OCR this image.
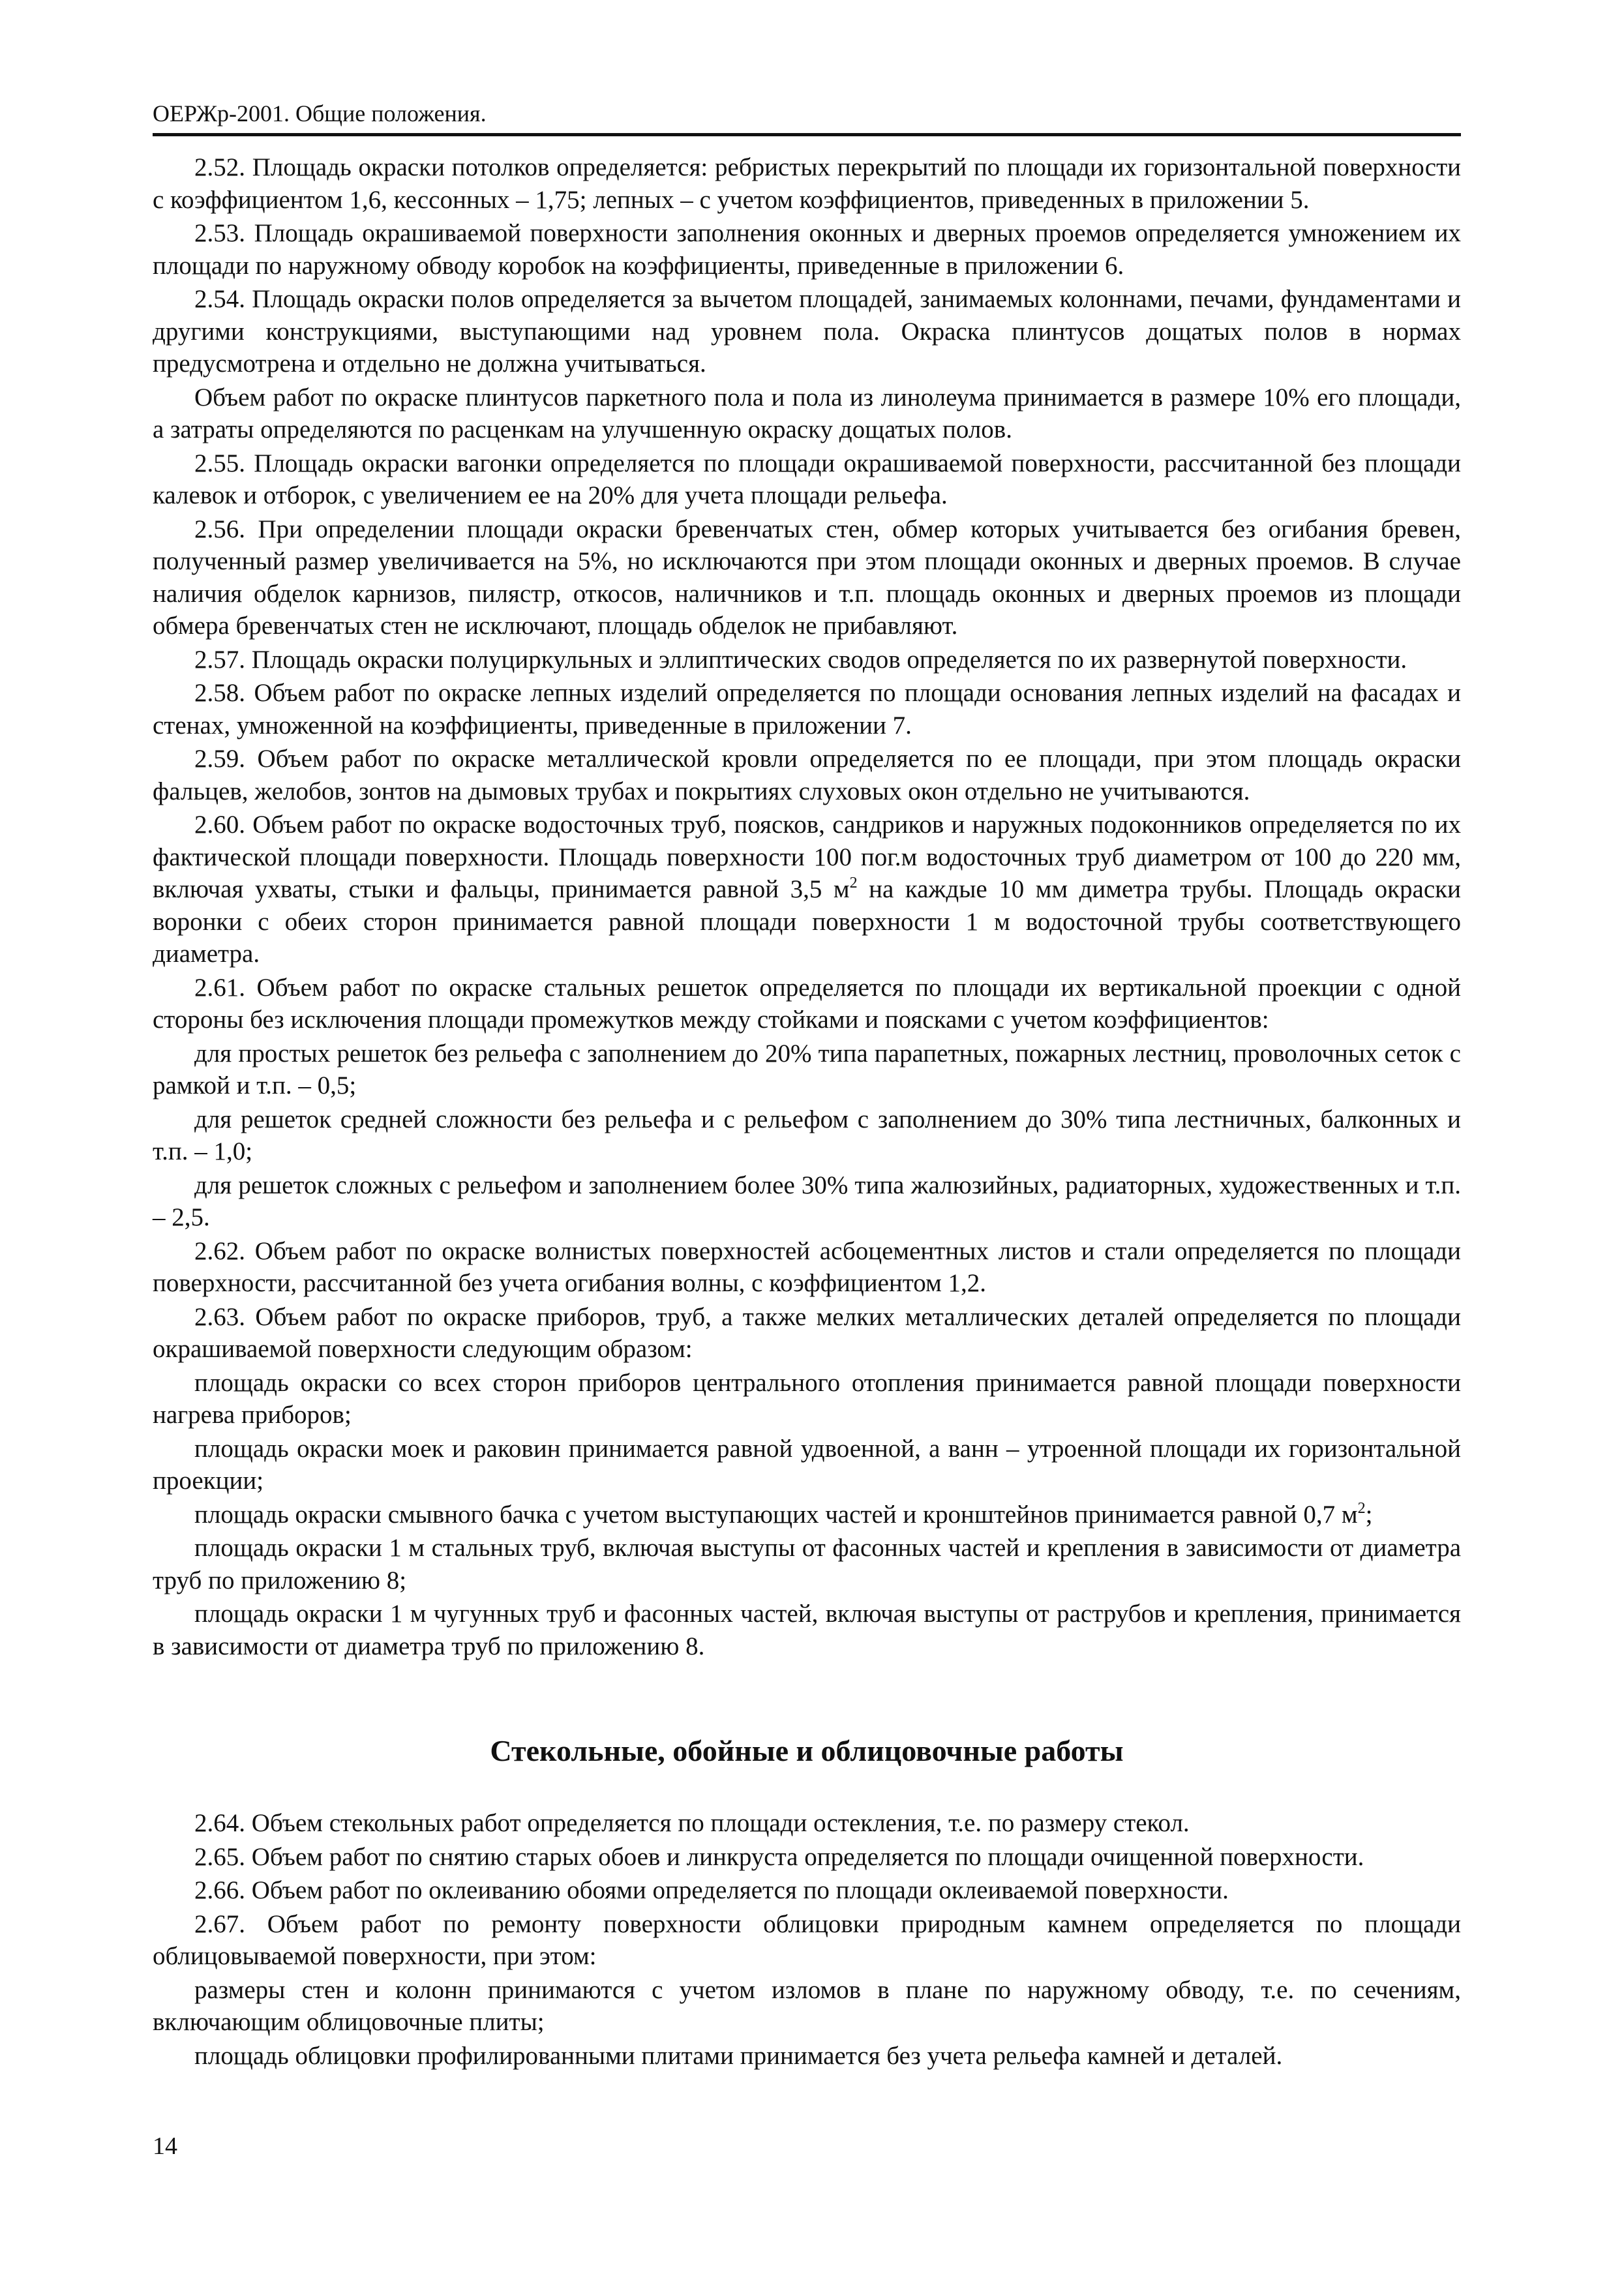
ОЕРЖр-2001. Общие положения.

2.52. Площадь окраски потолков определяется: ребристых перекрытий по площади их горизонтальной поверхности с коэффициентом 1,6, кессонных – 1,75; лепных – с учетом коэффициентов, приведенных в приложении 5.

2.53. Площадь окрашиваемой поверхности заполнения оконных и дверных проемов определяется умножением их площади по наружному обводу коробок на коэффициенты, приведенные в приложении 6.

2.54. Площадь окраски полов определяется за вычетом площадей, занимаемых колоннами, печами, фундаментами и другими конструкциями, выступающими над уровнем пола. Окраска плинтусов дощатых полов в нормах предусмотрена и отдельно не должна учитываться.

Объем работ по окраске плинтусов паркетного пола и пола из линолеума принимается в размере 10% его площади, а затраты определяются по расценкам на улучшенную окраску дощатых полов.

2.55. Площадь окраски вагонки определяется по площади окрашиваемой поверхности, рассчитанной без площади калевок и отборок, с увеличением ее на 20% для учета площади рельефа.

2.56. При определении площади окраски бревенчатых стен, обмер которых учитывается без огибания бревен, полученный размер увеличивается на 5%, но исключаются при этом площади оконных и дверных проемов. В случае наличия обделок карнизов, пилястр, откосов, наличников и т.п. площадь оконных и дверных проемов из площади обмера бревенчатых стен не исключают, площадь обделок не прибавляют.

2.57. Площадь окраски полуциркульных и эллиптических сводов определяется по их развернутой поверхности.

2.58. Объем работ по окраске лепных изделий определяется по площади основания лепных изделий на фасадах и стенах, умноженной на коэффициенты, приведенные в приложении 7.

2.59. Объем работ по окраске металлической кровли определяется по ее площади, при этом площадь окраски фальцев, желобов, зонтов на дымовых трубах и покрытиях слуховых окон отдельно не учитываются.

2.60. Объем работ по окраске водосточных труб, поясков, сандриков и наружных подоконников определяется по их фактической площади поверхности. Площадь поверхности 100 пог.м водосточных труб диаметром от 100 до 220 мм, включая ухваты, стыки и фальцы, принимается равной 3,5 $м^2$ на каждые 10 мм диметра трубы. Площадь окраски воронки с обеих сторон принимается равной площади поверхности 1 м водосточной трубы соответствующего диаметра.

2.61. Объем работ по окраске стальных решеток определяется по площади их вертикальной проекции с одной стороны без исключения площади промежутков между стойками и поясками с учетом коэффициентов:

для простых решеток без рельефа с заполнением до 20% типа парапетных, пожарных лестниц, проволочных сеток с рамкой и т.п. – 0,5;

для решеток средней сложности без рельефа и с рельефом с заполнением до 30% типа лестничных, балконных и т.п. – 1,0;

для решеток сложных с рельефом и заполнением более 30% типа жалюзийных, радиаторных, художественных и т.п. – 2,5.

2.62. Объем работ по окраске волнистых поверхностей асбоцементных листов и стали определяется по площади поверхности, рассчитанной без учета огибания волны, с коэффициентом 1,2.

2.63. Объем работ по окраске приборов, труб, а также мелких металлических деталей определяется по площади окрашиваемой поверхности следующим образом:

площадь окраски со всех сторон приборов центрального отопления принимается равной площади поверхности нагрева приборов;

площадь окраски моек и раковин принимается равной удвоенной, а ванн – утроенной площади их горизонтальной проекции;

площадь окраски смывного бачка с учетом выступающих частей и кронштейнов принимается равной 0,7 $м^2$;

площадь окраски 1 м стальных труб, включая выступы от фасонных частей и крепления в зависимости от диаметра труб по приложению 8;

площадь окраски 1 м чугунных труб и фасонных частей, включая выступы от раструбов и крепления, принимается в зависимости от диаметра труб по приложению 8.

Стекольные, обойные и облицовочные работы

2.64. Объем стекольных работ определяется по площади остекления, т.е. по размеру стекол.

2.65. Объем работ по снятию старых обоев и линкруста определяется по площади очищенной поверхности.

2.66. Объем работ по оклеиванию обоями определяется по площади оклеиваемой поверхности.

2.67. Объем работ по ремонту поверхности облицовки природным камнем определяется по площади облицовываемой поверхности, при этом:

размеры стен и колонн принимаются с учетом изломов в плане по наружному обводу, т.е. по сечениям, включающим облицовочные плиты;

площадь облицовки профилированными плитами принимается без учета рельефа камней и деталей.

14
